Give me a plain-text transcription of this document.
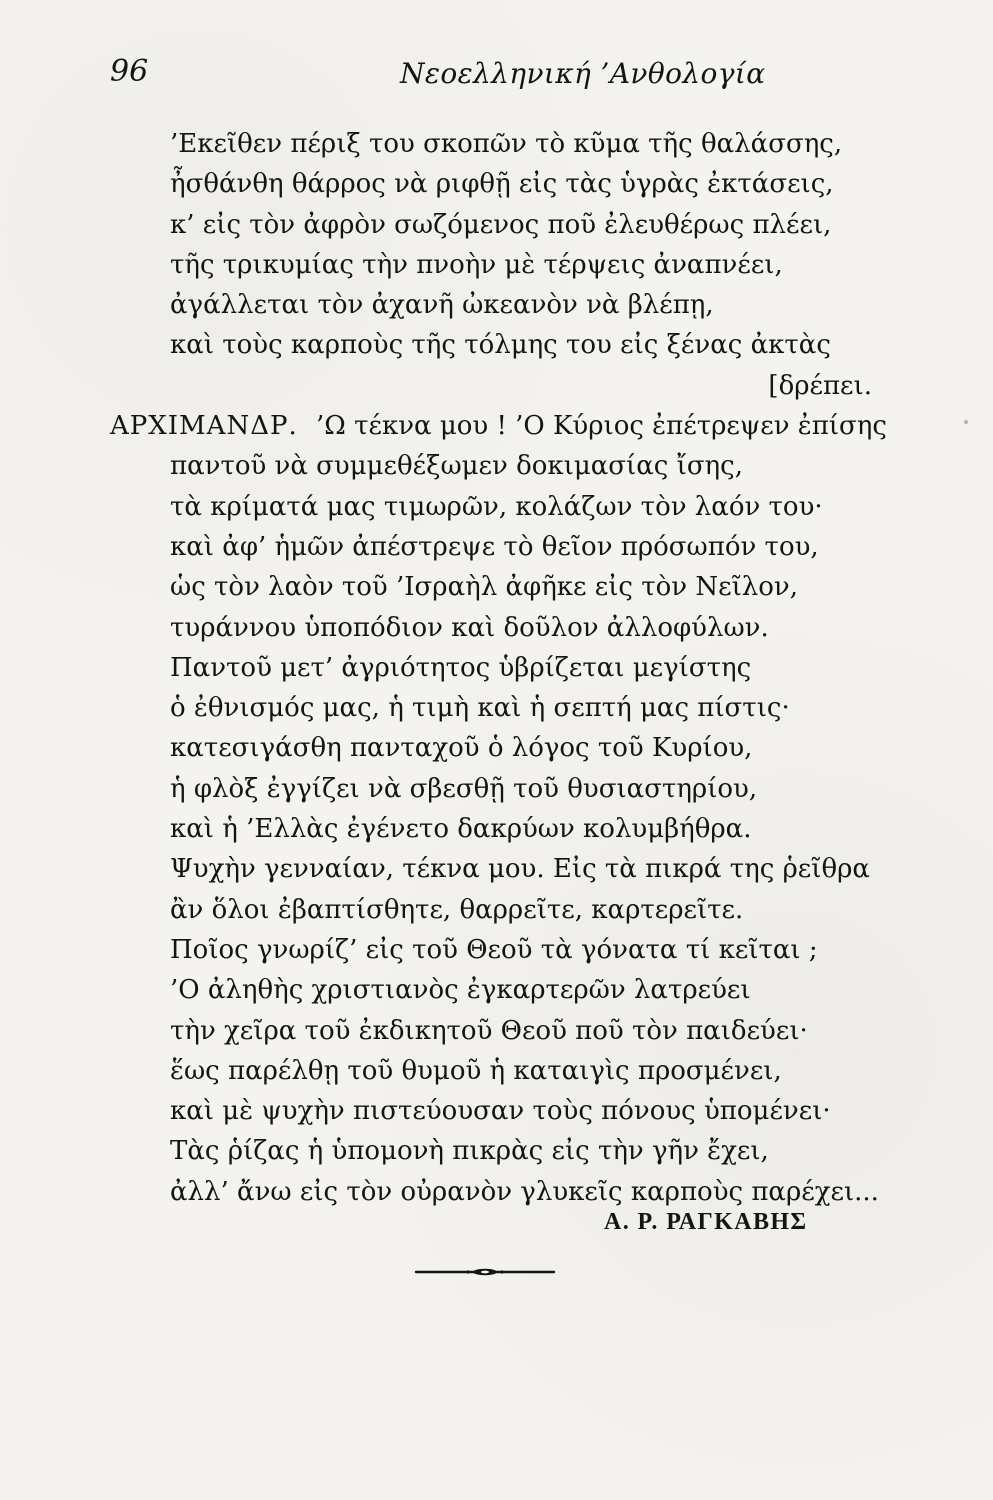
96	Νεοελληνική ’Ανθολογία
’Εκεῖθεν πέριξ του σκοπῶν τὸ κῦμα τῆς θαλάσσης,
ἦσθάνθη θάρρος νὰ ριφθῇ εἰς τὰς ὑγρὰς ἐκτάσεις,
κ’ εἰς τὸν ἀφρὸν σωζόμενος ποῦ ἐλευθέρως πλέει,
τῆς τρικυμίας τὴν πνοὴν μὲ τέρψεις ἀναπνέει,
ἀγάλλεται τὸν ἀχανῆ ὠκεανὸν νὰ βλέπῃ,
καὶ τοὺς καρποὺς τῆς τόλμης του εἰς ξένας ἀκτὰς
[δρέπει.
ΑΡΧΙΜΑΝΔΡ. ’Ω τέκνα μου ! ’Ο Κύριος ἐπέτρεψεν ἐπίσης
παντοῦ νὰ συμμεθέξωμεν δοκιμασίας ἴσης,
τὰ κρίματά μας τιμωρῶν, κολάζων τὸν λαόν του·
καὶ ἀφ’ ἡμῶν ἀπέστρεψε τὸ θεῖον πρόσωπόν του,
ὡς τὸν λαὸν τοῦ ’Ισραὴλ ἀφῆκε εἰς τὸν Νεῖλον,
τυράννου ὑποπόδιον καὶ δοῦλον ἀλλοφύλων.
Παντοῦ μετ’ ἀγριότητος ὑβρίζεται μεγίστης
ὁ ἐθνισμός μας, ἡ τιμὴ καὶ ἡ σεπτή μας πίστις·
κατεσιγάσθη πανταχοῦ ὁ λόγος τοῦ Κυρίου,
ἡ φλὸξ ἐγγίζει νὰ σβεσθῇ τοῦ θυσιαστηρίου,
καὶ ἡ ’Ελλὰς ἐγένετο δακρύων κολυμβήθρα.
Ψυχὴν γενναίαν, τέκνα μου. Εἰς τὰ πικρά της ῥεῖθρα
ἂν ὅλοι ἐβαπτίσθητε, θαρρεῖτε, καρτερεῖτε.
Ποῖος γνωρίζ’ εἰς τοῦ Θεοῦ τὰ γόνατα τί κεῖται ;
’Ο ἀληθὴς χριστιανὸς ἐγκαρτερῶν λατρεύει
τὴν χεῖρα τοῦ ἐκδικητοῦ Θεοῦ ποῦ τὸν παιδεύει·
ἕως παρέλθῃ τοῦ θυμοῦ ἡ καταιγὶς προσμένει,
καὶ μὲ ψυχὴν πιστεύουσαν τοὺς πόνους ὑπομένει·
Τὰς ῥίζας ἡ ὑπομονὴ πικρὰς εἰς τὴν γῆν ἔχει,
ἀλλ’ ἄνω εἰς τὸν οὐρανὸν γλυκεῖς καρποὺς παρέχει...
Α. Ρ. ΡΑΓΚΑΒΗΣ
